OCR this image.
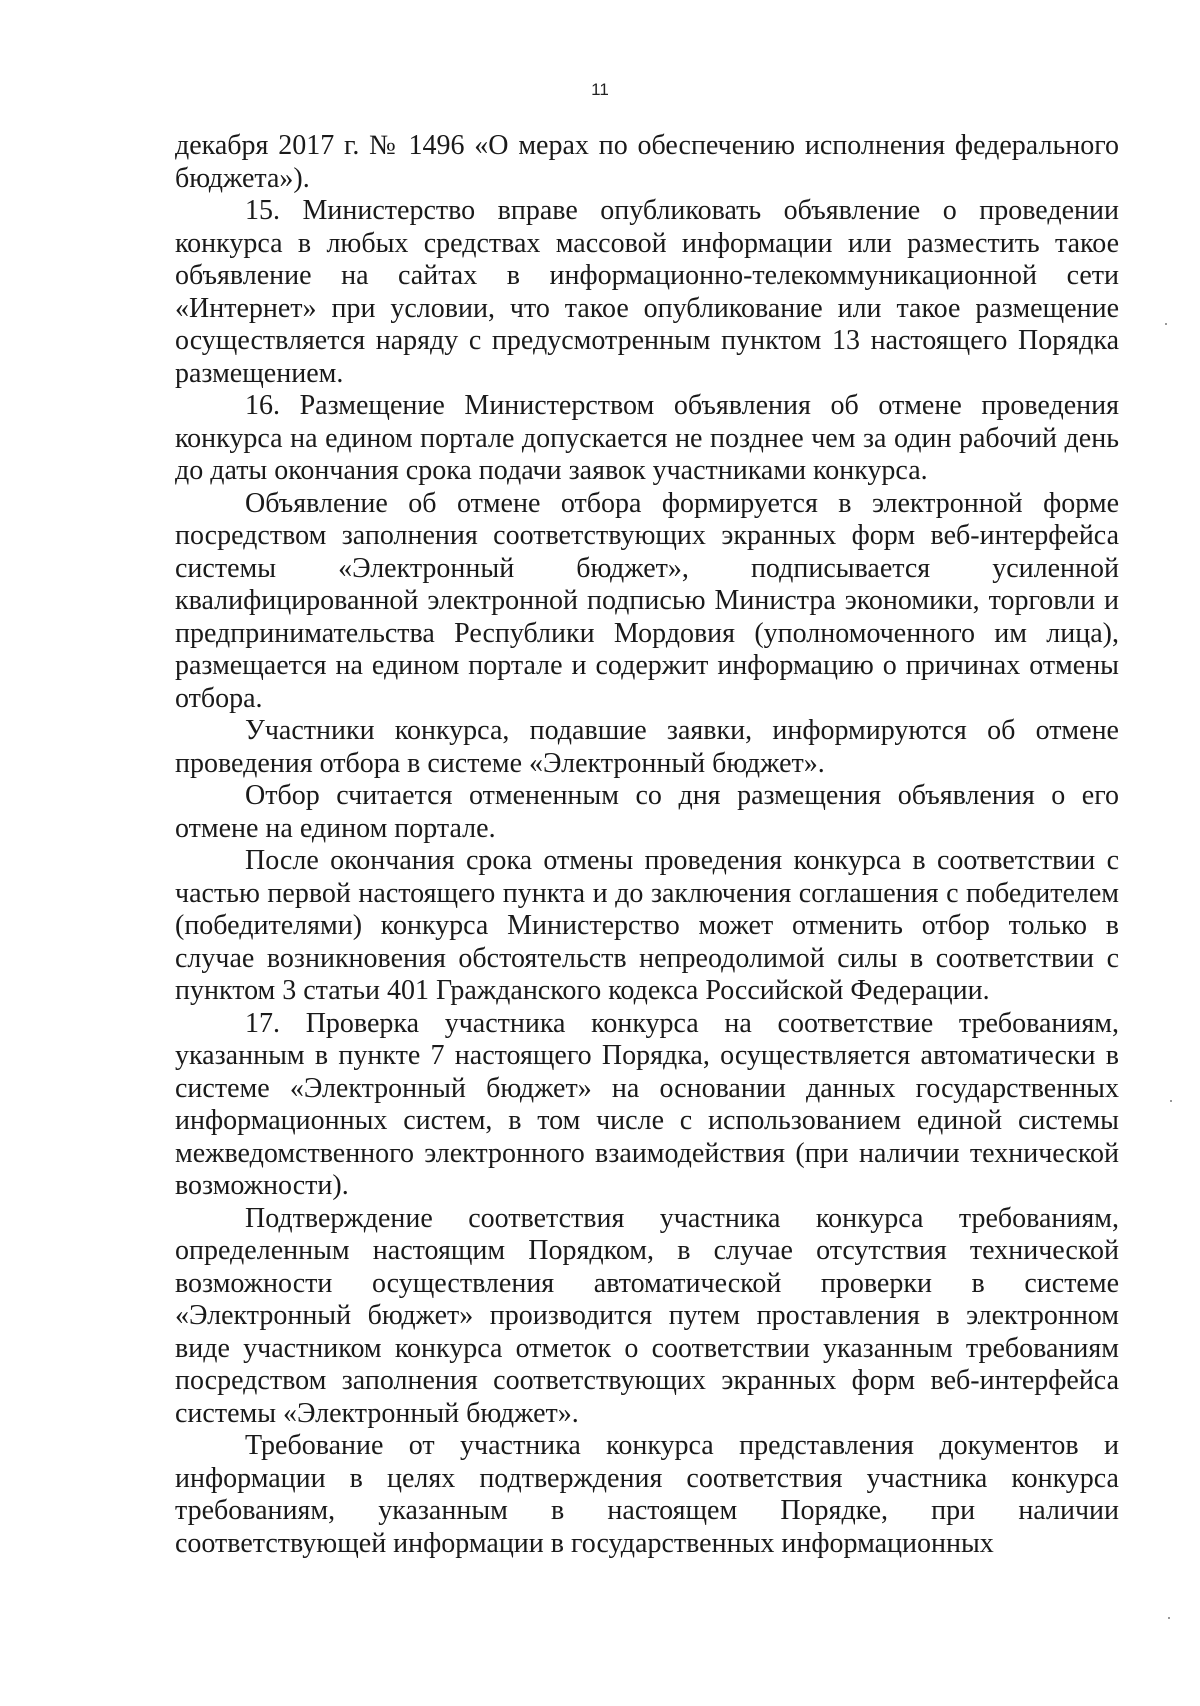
11

декабря 2017 г. № 1496 «О мерах по обеспечению исполнения федерального бюджета»).

15. Министерство вправе опубликовать объявление о проведении конкурса в любых средствах массовой информации или разместить такое объявление на сайтах в информационно-телекоммуникационной сети «Интернет» при условии, что такое опубликование или такое размещение осуществляется наряду с предусмотренным пунктом 13 настоящего Порядка размещением.

16. Размещение Министерством объявления об отмене проведения конкурса на едином портале допускается не позднее чем за один рабочий день до даты окончания срока подачи заявок участниками конкурса.

Объявление об отмене отбора формируется в электронной форме посредством заполнения соответствующих экранных форм веб-интерфейса системы «Электронный бюджет», подписывается усиленной квалифицированной электронной подписью Министра экономики, торговли и предпринимательства Республики Мордовия (уполномоченного им лица), размещается на едином портале и содержит информацию о причинах отмены отбора.

Участники конкурса, подавшие заявки, информируются об отмене проведения отбора в системе «Электронный бюджет».

Отбор считается отмененным со дня размещения объявления о его отмене на едином портале.

После окончания срока отмены проведения конкурса в соответствии с частью первой настоящего пункта и до заключения соглашения с победителем (победителями) конкурса Министерство может отменить отбор только в случае возникновения обстоятельств непреодолимой силы в соответствии с пунктом 3 статьи 401 Гражданского кодекса Российской Федерации.

17. Проверка участника конкурса на соответствие требованиям, указанным в пункте 7 настоящего Порядка, осуществляется автоматически в системе «Электронный бюджет» на основании данных государственных информационных систем, в том числе с использованием единой системы межведомственного электронного взаимодействия (при наличии технической возможности).

Подтверждение соответствия участника конкурса требованиям, определенным настоящим Порядком, в случае отсутствия технической возможности осуществления автоматической проверки в системе «Электронный бюджет» производится путем проставления в электронном виде участником конкурса отметок о соответствии указанным требованиям посредством заполнения соответствующих экранных форм веб-интерфейса системы «Электронный бюджет».

Требование от участника конкурса представления документов и информации в целях подтверждения соответствия участника конкурса требованиям, указанным в настоящем Порядке, при наличии соответствующей информации в государственных информационных
